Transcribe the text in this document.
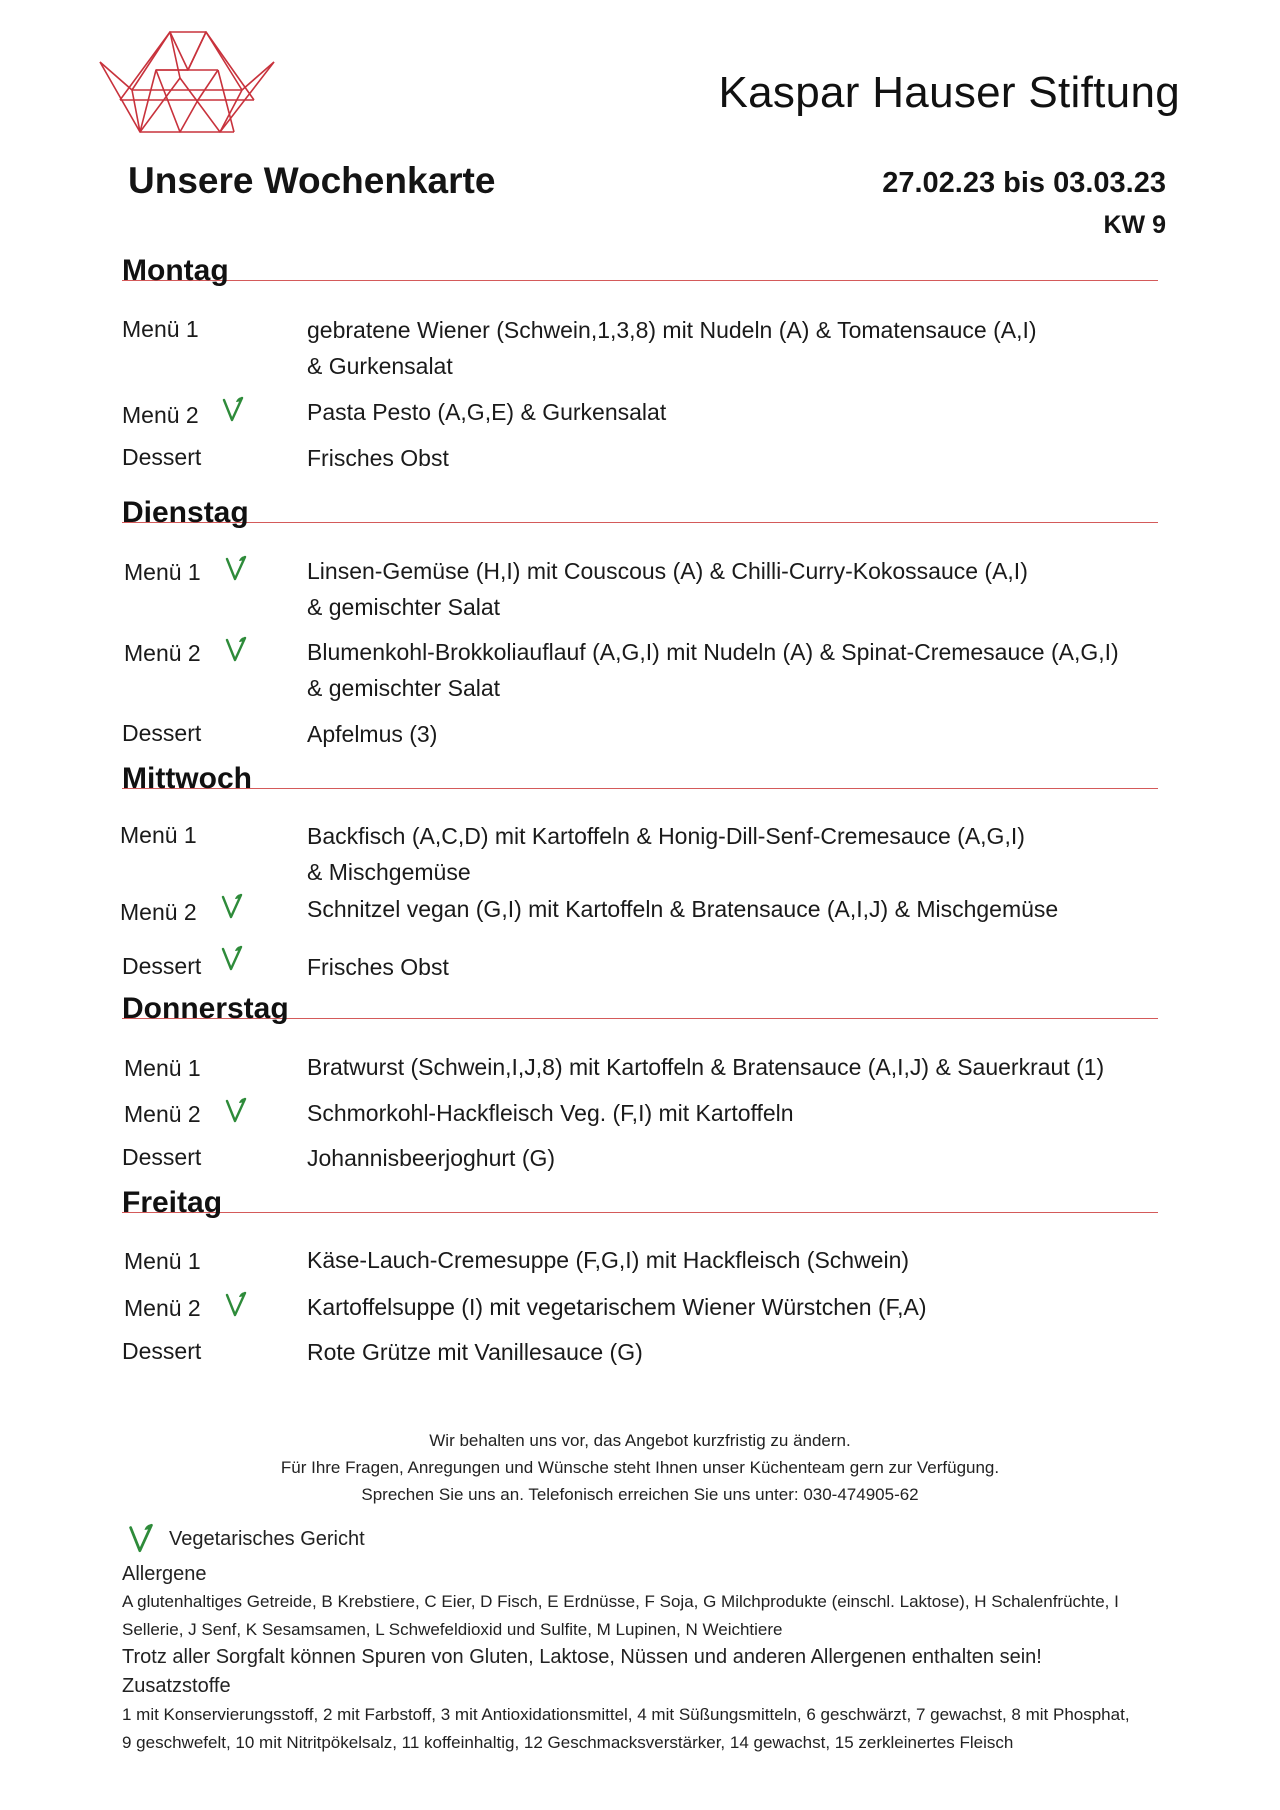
Kaspar Hauser Stiftung
Unsere Wochenkarte	27.02.23 bis 03.03.23
KW 9
Montag
Menü 1	gebratene Wiener (Schwein,1,3,8) mit Nudeln (A) & Tomatensauce (A,I)
& Gurkensalat
Menü 2	Pasta Pesto (A,G,E) & Gurkensalat
Dessert	Frisches Obst
Dienstag
Menü 1	Linsen-Gemüse (H,I) mit Couscous (A) & Chilli-Curry-Kokossauce (A,I)
& gemischter Salat
Menü 2	Blumenkohl-Brokkoliauflauf (A,G,I) mit Nudeln (A) & Spinat-Cremesauce (A,G,I)
& gemischter Salat
Dessert	Apfelmus (3)
Mittwoch
Menü 1	Backfisch (A,C,D) mit Kartoffeln & Honig-Dill-Senf-Cremesauce (A,G,I)
& Mischgemüse
Menü 2	Schnitzel vegan (G,I) mit Kartoffeln & Bratensauce (A,I,J) & Mischgemüse
Dessert	Frisches Obst
Donnerstag
Menü 1	Bratwurst (Schwein,I,J,8) mit Kartoffeln & Bratensauce (A,I,J) & Sauerkraut (1)
Menü 2	Schmorkohl-Hackfleisch Veg. (F,I) mit Kartoffeln
Dessert	Johannisbeerjoghurt (G)
Freitag
Menü 1	Käse-Lauch-Cremesuppe (F,G,I) mit Hackfleisch (Schwein)
Menü 2	Kartoffelsuppe (I) mit vegetarischem Wiener Würstchen (F,A)
Dessert	Rote Grütze mit Vanillesauce (G)
Wir behalten uns vor, das Angebot kurzfristig zu ändern.
Für Ihre Fragen, Anregungen und Wünsche steht Ihnen unser Küchenteam gern zur Verfügung.
Sprechen Sie uns an. Telefonisch erreichen Sie uns unter: 030-474905-62
Vegetarisches Gericht
Allergene
A glutenhaltiges Getreide, B Krebstiere, C Eier, D Fisch, E Erdnüsse, F Soja, G Milchprodukte (einschl. Laktose), H Schalenfrüchte, I
Sellerie, J Senf, K Sesamsamen, L Schwefeldioxid und Sulfite, M Lupinen, N Weichtiere
Trotz aller Sorgfalt können Spuren von Gluten, Laktose, Nüssen und anderen Allergenen enthalten sein!
Zusatzstoffe
1 mit Konservierungsstoff, 2 mit Farbstoff, 3 mit Antioxidationsmittel, 4 mit Süßungsmitteln, 6 geschwärzt, 7 gewachst, 8 mit Phosphat,
9 geschwefelt, 10 mit Nitritpökelsalz, 11 koffeinhaltig, 12 Geschmacksverstärker, 14 gewachst, 15 zerkleinertes Fleisch
